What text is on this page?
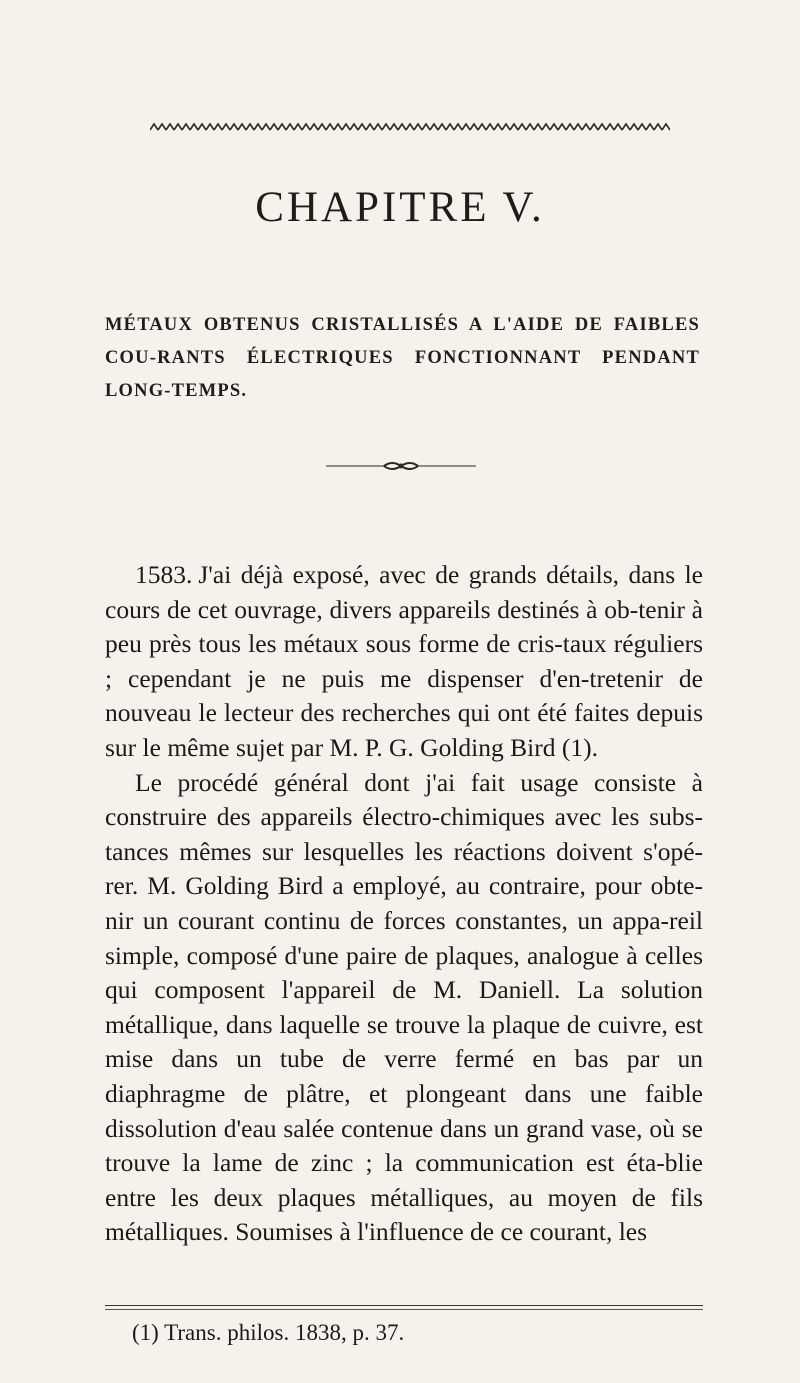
CHAPITRE V.
MÉTAUX OBTENUS CRISTALLISÉS A L'AIDE DE FAIBLES COU-RANTS ÉLECTRIQUES FONCTIONNANT PENDANT LONG-TEMPS.

1583. J'ai déjà exposé, avec de grands détails, dans le cours de cet ouvrage, divers appareils destinés à ob-tenir à peu près tous les métaux sous forme de cris-taux réguliers ; cependant je ne puis me dispenser d'en-tretenir de nouveau le lecteur des recherches qui ont été faites depuis sur le même sujet par M. P. G. Golding Bird (1).

Le procédé général dont j'ai fait usage consiste à construire des appareils électro-chimiques avec les subs-tances mêmes sur lesquelles les réactions doivent s'opé-rer. M. Golding Bird a employé, au contraire, pour obte-nir un courant continu de forces constantes, un appa-reil simple, composé d'une paire de plaques, analogue à celles qui composent l'appareil de M. Daniell. La solution métallique, dans laquelle se trouve la plaque de cuivre, est mise dans un tube de verre fermé en bas par un diaphragme de plâtre, et plongeant dans une faible dissolution d'eau salée contenue dans un grand vase, où se trouve la lame de zinc ; la communication est éta-blie entre les deux plaques métalliques, au moyen de fils métalliques. Soumises à l'influence de ce courant, les

(1) Trans. philos. 1838, p. 37.
